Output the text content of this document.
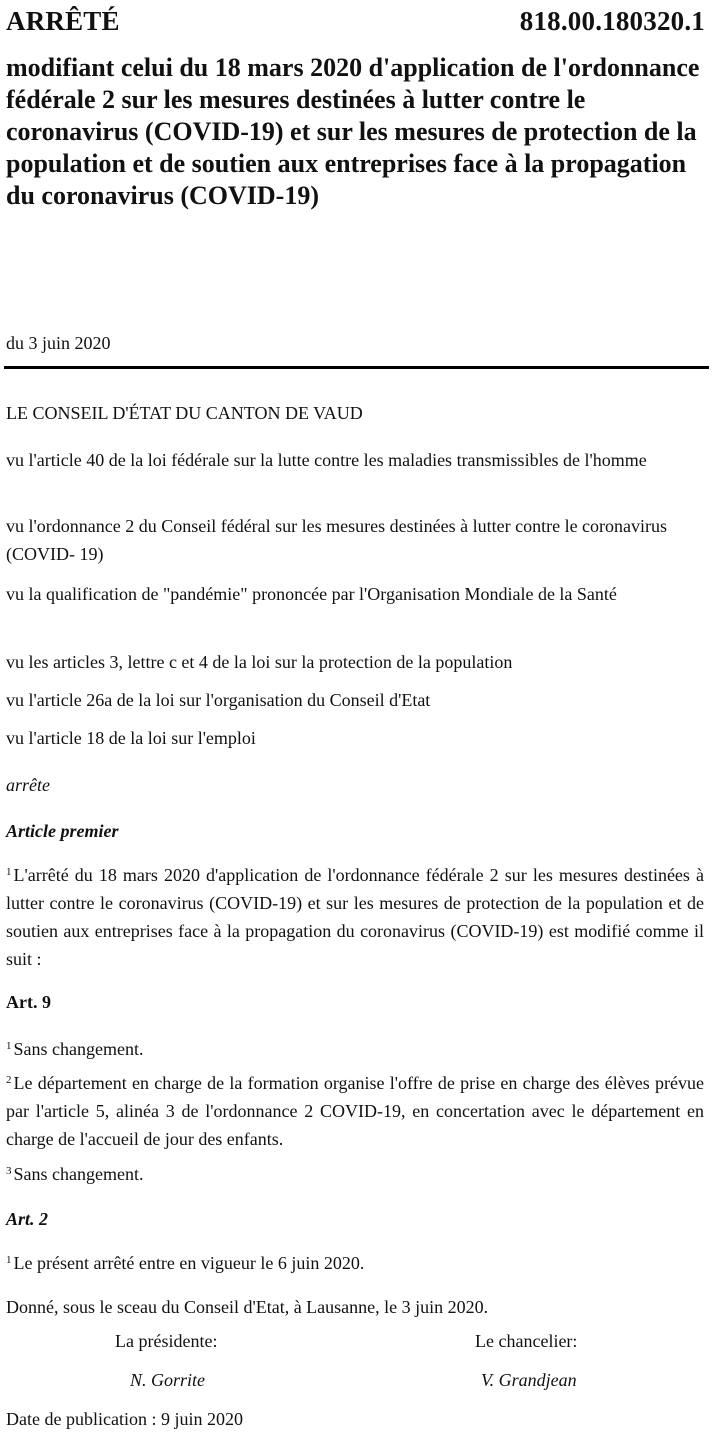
ARRÊTÉ	818.00.180320.1

modifiant celui du 18 mars 2020 d'application de l'ordonnance fédérale 2 sur les mesures destinées à lutter contre le coronavirus (COVID-19) et sur les mesures de protection de la population et de soutien aux entreprises face à la propagation du coronavirus (COVID-19)

du 3 juin 2020

LE CONSEIL D'ÉTAT DU CANTON DE VAUD

vu l'article 40 de la loi fédérale sur la lutte contre les maladies transmissibles de l'homme

vu l'ordonnance 2 du Conseil fédéral sur les mesures destinées à lutter contre le coronavirus (COVID- 19)

vu la qualification de "pandémie" prononcée par l'Organisation Mondiale de la Santé

vu les articles 3, lettre c et 4 de la loi sur la protection de la population

vu l'article 26a de la loi sur l'organisation du Conseil d'Etat

vu l'article 18 de la loi sur l'emploi

arrête

Article premier

$^1$ L'arrêté du 18 mars 2020 d'application de l'ordonnance fédérale 2 sur les mesures destinées à lutter contre le coronavirus (COVID-19) et sur les mesures de protection de la population et de soutien aux entreprises face à la propagation du coronavirus (COVID-19) est modifié comme il suit :

Art. 9

$^1$ Sans changement.

$^2$ Le département en charge de la formation organise l'offre de prise en charge des élèves prévue par l'article 5, alinéa 3 de l'ordonnance 2 COVID-19, en concertation avec le département en charge de l'accueil de jour des enfants.

$^3$ Sans changement.

Art. 2

$^1$ Le présent arrêté entre en vigueur le 6 juin 2020.

Donné, sous le sceau du Conseil d'Etat, à Lausanne, le 3 juin 2020.

La présidente:	Le chancelier:
N. Gorrite	V. Grandjean

Date de publication : 9 juin 2020
